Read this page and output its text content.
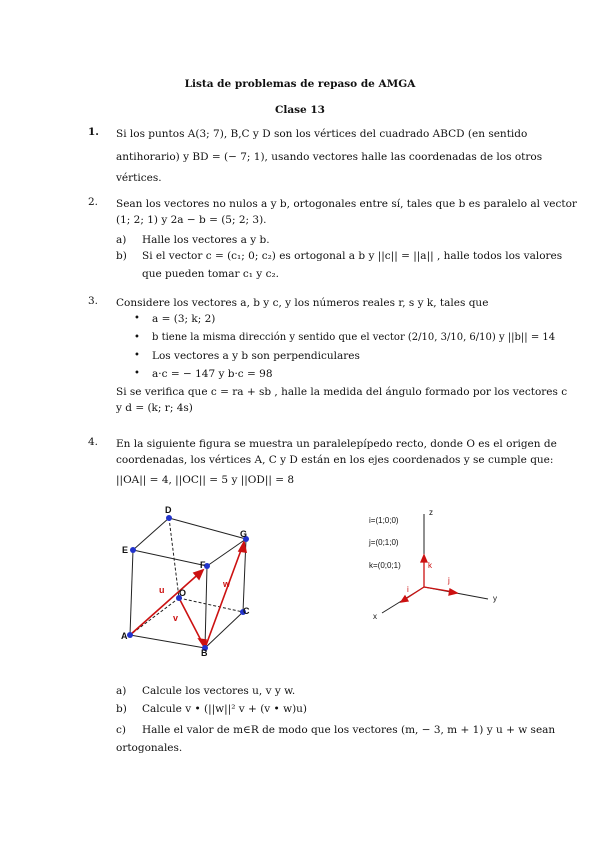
Lista de problemas de repaso de AMGA
Clase 13
1. Si los puntos A(3; 7), B,C y D son los vértices del cuadrado ABCD (en sentido
antihorario) y BD = (− 7; 1), usando vectores halle las coordenadas de los otros
vértices.
2. Sean los vectores no nulos a y b, ortogonales entre sí, tales que b es paralelo al vector
(1; 2; 1) y 2a − b = (5; 2; 3).
a) Halle los vectores a y b.
b) Si el vector c = (c₁; 0; c₂) es ortogonal a b y ||c|| = ||a|| , halle todos los valores
que pueden tomar c₁ y c₂.
3. Considere los vectores a, b y c, y los números reales r, s y k, tales que
• a = (3; k; 2)
• b tiene la misma dirección y sentido que el vector (2/10, 3/10, 6/10) y ||b|| = 14
• Los vectores a y b son perpendiculares
• a·c = − 147 y b·c = 98
Si se verifica que c = ra + sb , halle la medida del ángulo formado por los vectores c
y d = (k; r; 4s)
4. En la siguiente figura se muestra un paralelepípedo recto, donde O es el origen de
coordenadas, los vértices A, C y D están en los ejes coordenados y se cumple que:
||OA|| = 4, ||OC|| = 5 y ||OD|| = 8
D
E
G
F
O
C
A
B
u
v
w
i=(1;0;0)
j=(0;1;0)
k=(0;0;1)
z
y
x
k
i
j
a) Calcule los vectores u, v y w.
b) Calcule v • (||w||² v + (v • w)u)
c) Halle el valor de m∈R de modo que los vectores (m, − 3, m + 1) y u + w sean
ortogonales.
